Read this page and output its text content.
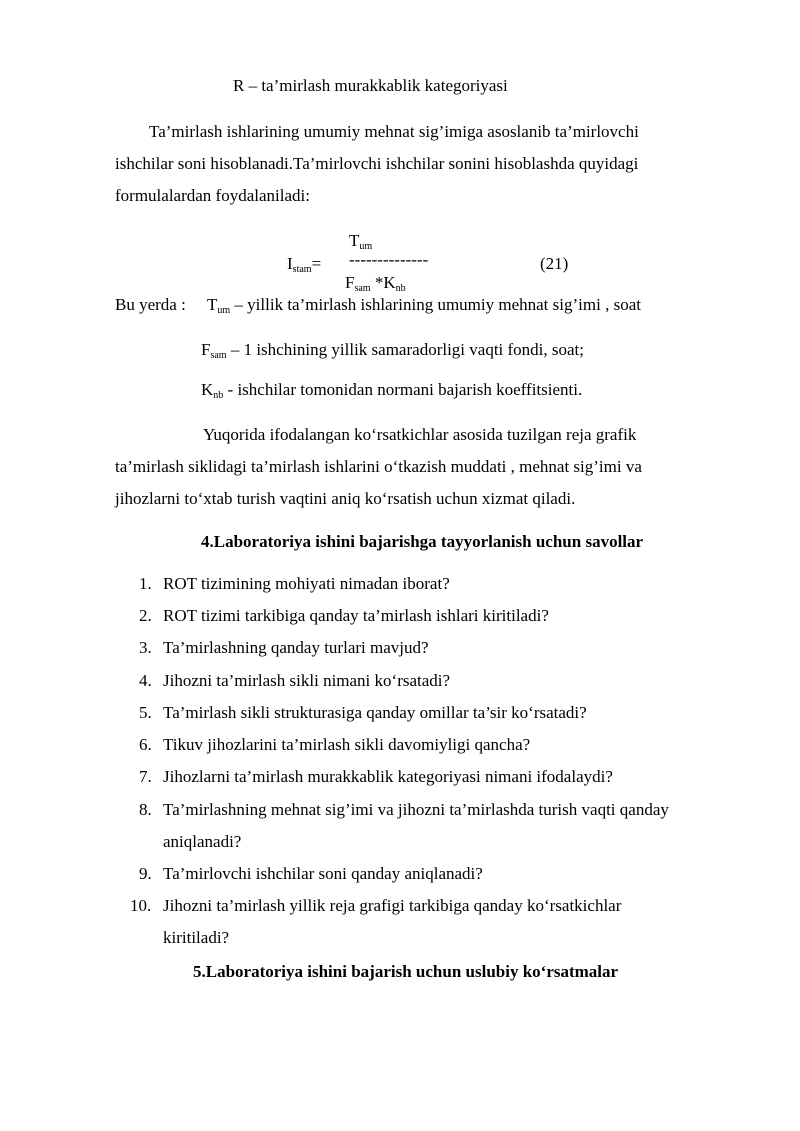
R – ta’mirlash murakkablik kategoriyasi
Ta’mirlash ishlarining umumiy mehnat sig’imiga asoslanib ta’mirlovchi
ishchilar soni hisoblanadi.Ta’mirlovchi ishchilar sonini hisoblashda quyidagi
formulalardan foydalaniladi:
$T_{um}$
$I_{stam}=$ --------------
$F_{sam}$ $*K_{nb}$
(21)
Bu yerda : $T_{um}$ – yillik ta’mirlash ishlarining umumiy mehnat sig’imi , soat
$F_{sam} - 1$ ishchining yillik samaradorligi vaqti fondi, soat;
$K_{nb}$ - ishchilar tomonidan normani bajarish koeffitsienti.
Yuqorida ifodalangan ko‘rsatkichlar asosida tuzilgan reja grafik
ta’mirlash siklidagi ta’mirlash ishlarini o‘tkazish muddati , mehnat sig’imi va
jihozlarni to‘xtab turish vaqtini aniq ko‘rsatish uchun xizmat qiladi.
4.Laboratoriya ishini bajarishga tayyorlanish uchun savollar
1. ROT tizimining mohiyati nimadan iborat?
2. ROT tizimi tarkibiga qanday ta’mirlash ishlari kiritiladi?
3. Ta’mirlashning qanday turlari mavjud?
4. Jihozni ta’mirlash sikli nimani ko‘rsatadi?
5. Ta’mirlash sikli strukturasiga qanday omillar ta’sir ko‘rsatadi?
6. Tikuv jihozlarini ta’mirlash sikli davomiyligi qancha?
7. Jihozlarni ta’mirlash murakkablik kategoriyasi nimani ifodalaydi?
8. Ta’mirlashning mehnat sig’imi va jihozni ta’mirlashda turish vaqti qanday
aniqlanadi?
9. Ta’mirlovchi ishchilar soni qanday aniqlanadi?
10. Jihozni ta’mirlash yillik reja grafigi tarkibiga qanday ko‘rsatkichlar
kiritiladi?
5.Laboratoriya ishini bajarish uchun uslubiy ko‘rsatmalar
